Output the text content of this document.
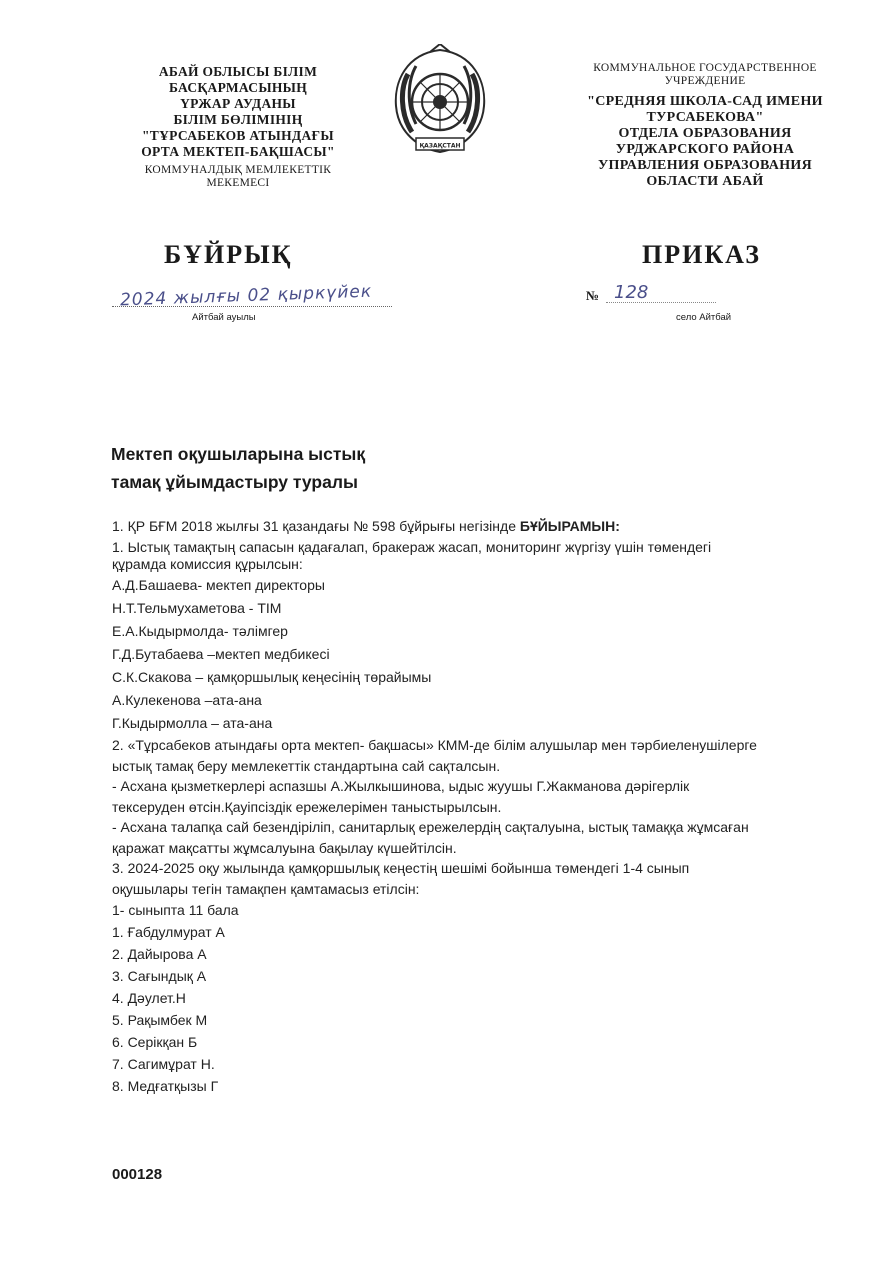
АБАЙ ОБЛЫСЫ БІЛІМ
БАСҚАРМАСЫНЫҢ
ҮРЖАР АУДАНЫ
БІЛІМ БӨЛІМІНІҢ
"ТҰРСАБЕКОВ АТЫНДАҒЫ
ОРТА МЕКТЕП-БАҚШАСЫ"
КОММУНАЛДЫҚ МЕМЛЕКЕТТІК
МЕКЕМЕСІ
ҚАЗАҚСТАН
КОММУНАЛЬНОЕ ГОСУДАРСТВЕННОЕ
УЧРЕЖДЕНИЕ
"СРЕДНЯЯ ШКОЛА-САД ИМЕНИ
ТУРСАБЕКОВА"
ОТДЕЛА ОБРАЗОВАНИЯ
УРДЖАРСКОГО РАЙОНА
УПРАВЛЕНИЯ ОБРАЗОВАНИЯ
ОБЛАСТИ АБАЙ
БҰЙРЫҚ	ПРИКАЗ
2024 жылғы 02 қыркүйек
Айтбай ауылы
№ 128
село Айтбай
Мектеп оқушыларына ыстық
тамақ ұйымдастыру туралы
1. ҚР БҒМ 2018 жылғы 31 қазандағы № 598 бұйрығы негізінде БҰЙЫРАМЫН:
1. Ыстық тамақтың сапасын қадағалап, бракераж жасап, мониторинг жүргізу үшін төмендегі
құрамда комиссия құрылсын:
А.Д.Башаева- мектеп директоры
Н.Т.Тельмухаметова - ТІМ
Е.А.Кыдырмолда- тәлімгер
Г.Д.Бутабаева –мектеп медбикесі
С.К.Скакова – қамқоршылық кеңесінің төрайымы
А.Кулекенова –ата-ана
Г.Кыдырмолла – ата-ана
2. «Тұрсабеков атындағы орта мектеп- бақшасы» КММ-де білім алушылар мен тәрбиеленушілерге
ыстық тамақ беру мемлекеттік стандартына сай сақталсын.
- Асхана қызметкерлері аспазшы А.Жылкышинова, ыдыс жуушы Г.Жакманова дәрігерлік
тексеруден өтсін.Қауіпсіздік ережелерімен таныстырылсын.
- Асхана талапқа сай безендіріліп, санитарлық ережелердің сақталуына, ыстық тамаққа жұмсаған
қаражат мақсатты жұмсалуына бақылау күшейтілсін.
3. 2024-2025 оқу жылында қамқоршылық кеңестің шешімі бойынша төмендегі 1-4 сынып
оқушылары тегін тамақпен қамтамасыз етілсін:
1- сыныпта 11 бала
1. Ғабдулмурат А
2. Дайырова А
3. Сағындық А
4. Дәулет.Н
5. Рақымбек М
6. Серікқан Б
7. Сагимұрат Н.
8. Медғатқызы Г
000128
